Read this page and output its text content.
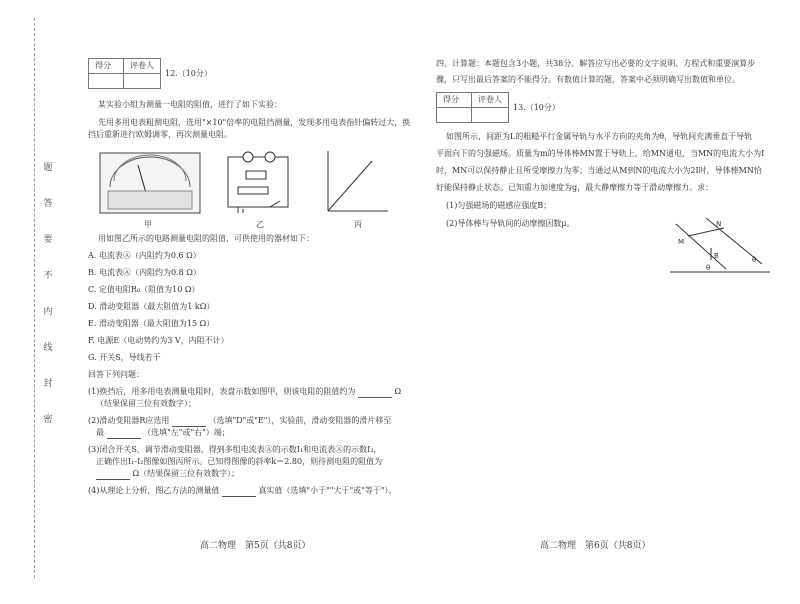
题
答
要
不
内
线
封
密
得分	评卷人

12.（10分）
某实验小组为测量一电阻的阻值，进行了如下实验：
先用多用电表粗测电阻，选用"×10"倍率的电阻挡测量，发现多用电表指针偏转过大，换
挡后重新进行欧姆调零，再次测量电阻。
甲	乙	丙
用如图乙所示的电路测量电阻的阻值，可供使用的器材如下：
A. 电流表Ⓐ（内阻约为0.6 Ω）
B. 电流表Ⓐ（内阻约为0.8 Ω）
C. 定值电阻R₀（阻值为10 Ω）
D. 滑动变阻器（最大阻值为1 kΩ）
E. 滑动变阻器（最大阻值为15 Ω）
F. 电源E（电动势约为3 V，内阻不计）
G. 开关S，导线若干
回答下列问题：
(1)换挡后，用多用电表测量电阻时，表盘示数如图甲，则该电阻的阻值约为	Ω
（结果保留三位有效数字）；
(2)滑动变阻器R应选用	（选填"D"或"E"），实验前，滑动变阻器的滑片移至
最	（选填"左"或"右"）端；
(3)闭合开关S，调节滑动变阻器，得到多组电流表Ⓐ的示数I₁和电流表Ⓐ的示数I₂，
正确作出I₁-I₂图像如图丙所示。已知得图像的斜率k＝2.80，则待测电阻的阻值为
Ω（结果保留三位有效数字）；
(4)从理论上分析，图乙方法的测量值	真实值（选填"小于""大于"或"等于"）。
高二物理　第5页（共8页）
四、计算题：本题包含3小题，共38分。解答应写出必要的文字说明、方程式和重要演算步
骤，只写出最后答案的不能得分。有数值计算的题，答案中必须明确写出数值和单位。
得分	评卷人

13.（10分）
如图所示，间距为L的粗糙平行金属导轨与水平方向的夹角为θ，导轨间充满垂直于导轨
平面向下的匀强磁场。质量为m的导体棒MN置于导轨上，给MN通电，当MN的电流大小为I
时，MN可以保持静止且所受摩擦力为零；当通过从M到N的电流大小为2I时，导体棒MN恰
好能保持静止状态。已知重力加速度为g，最大静摩擦力等于滑动摩擦力。求：
(1)匀强磁场的磁感应强度B；
(2)导体棒与导轨间的动摩擦因数μ。	N
B
M
θ
θ
高二物理　第6页（共8页）
